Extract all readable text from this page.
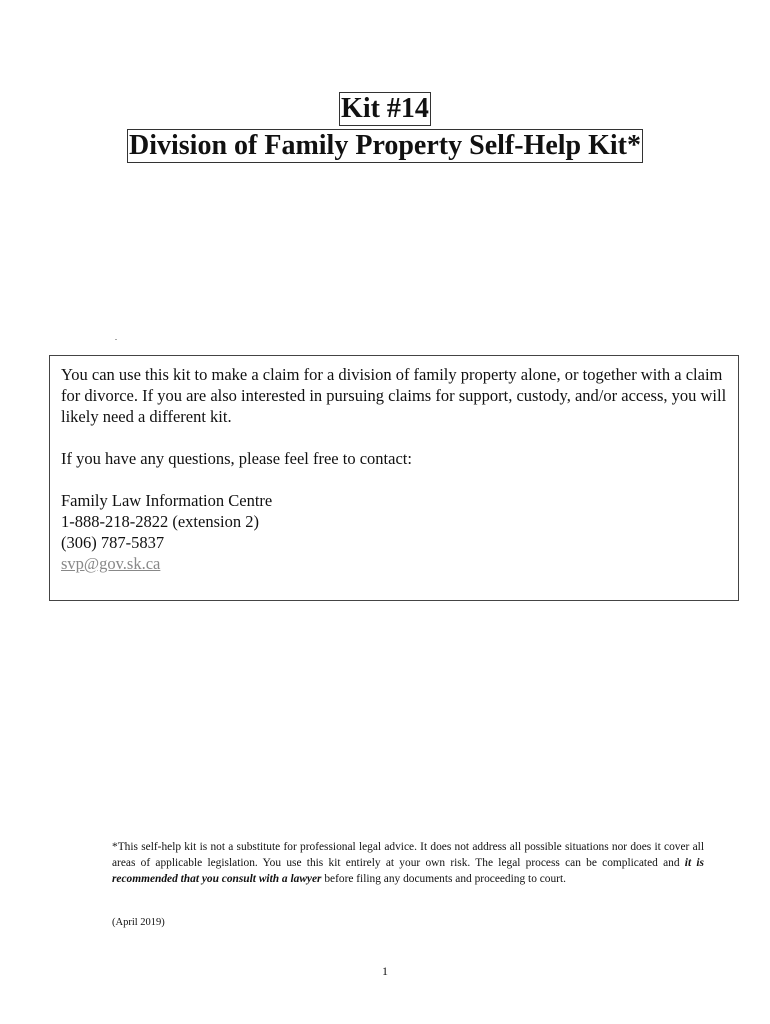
Kit #14
Division of Family Property Self-Help Kit*
.

You can use this kit to make a claim for a division of family property alone, or together with a claim for divorce. If you are also interested in pursuing claims for support, custody, and/or access, you will likely need a different kit.

If you have any questions, please feel free to contact:

Family Law Information Centre

1-888-218-2822 (extension 2)

(306) 787-5837

svp@gov.sk.ca

*This self-help kit is not a substitute for professional legal advice. It does not address all possible situations nor does it cover all areas of applicable legislation. You use this kit entirely at your own risk. The legal process can be complicated and it is recommended that you consult with a lawyer before filing any documents and proceeding to court.

(April 2019)
1
